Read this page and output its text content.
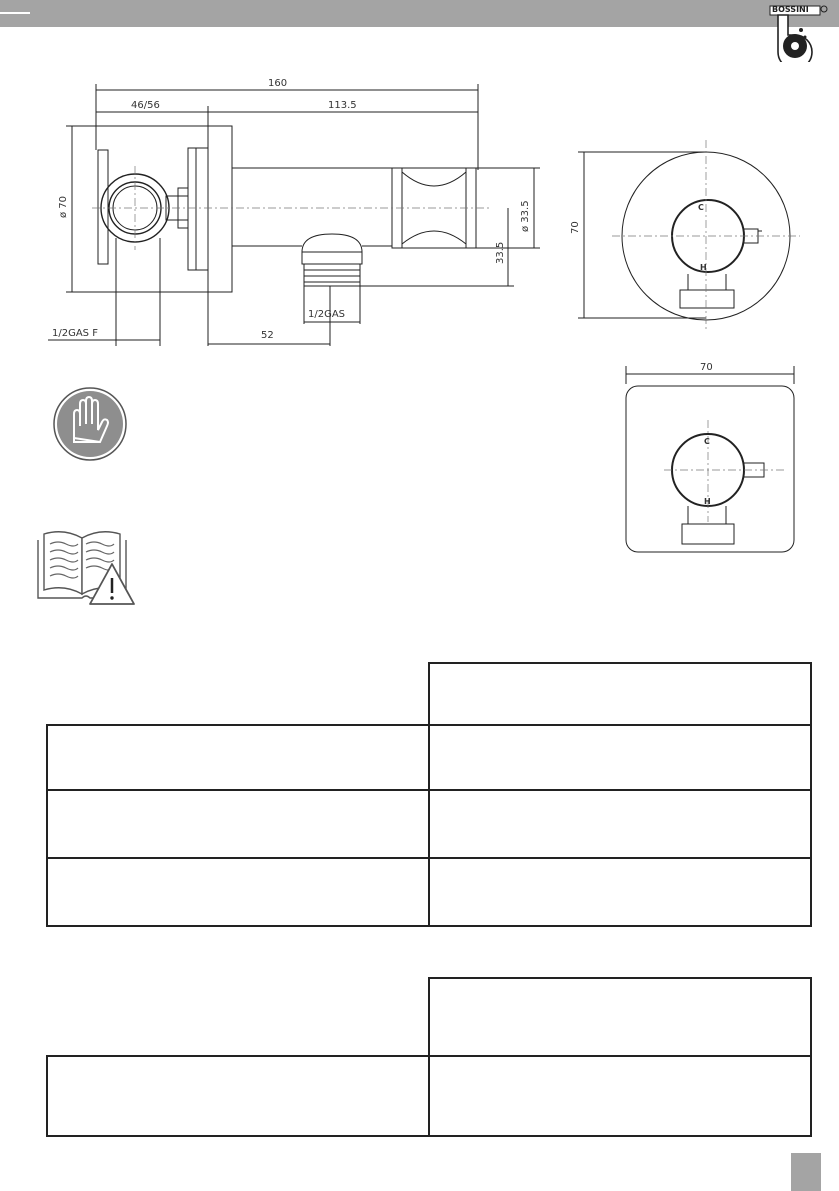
BOSSINI
160
46/56	113.5
ø 70	ø 33.5
33.5
1/2GAS F
1/2GAS
52
70
C
H
70
C
H
